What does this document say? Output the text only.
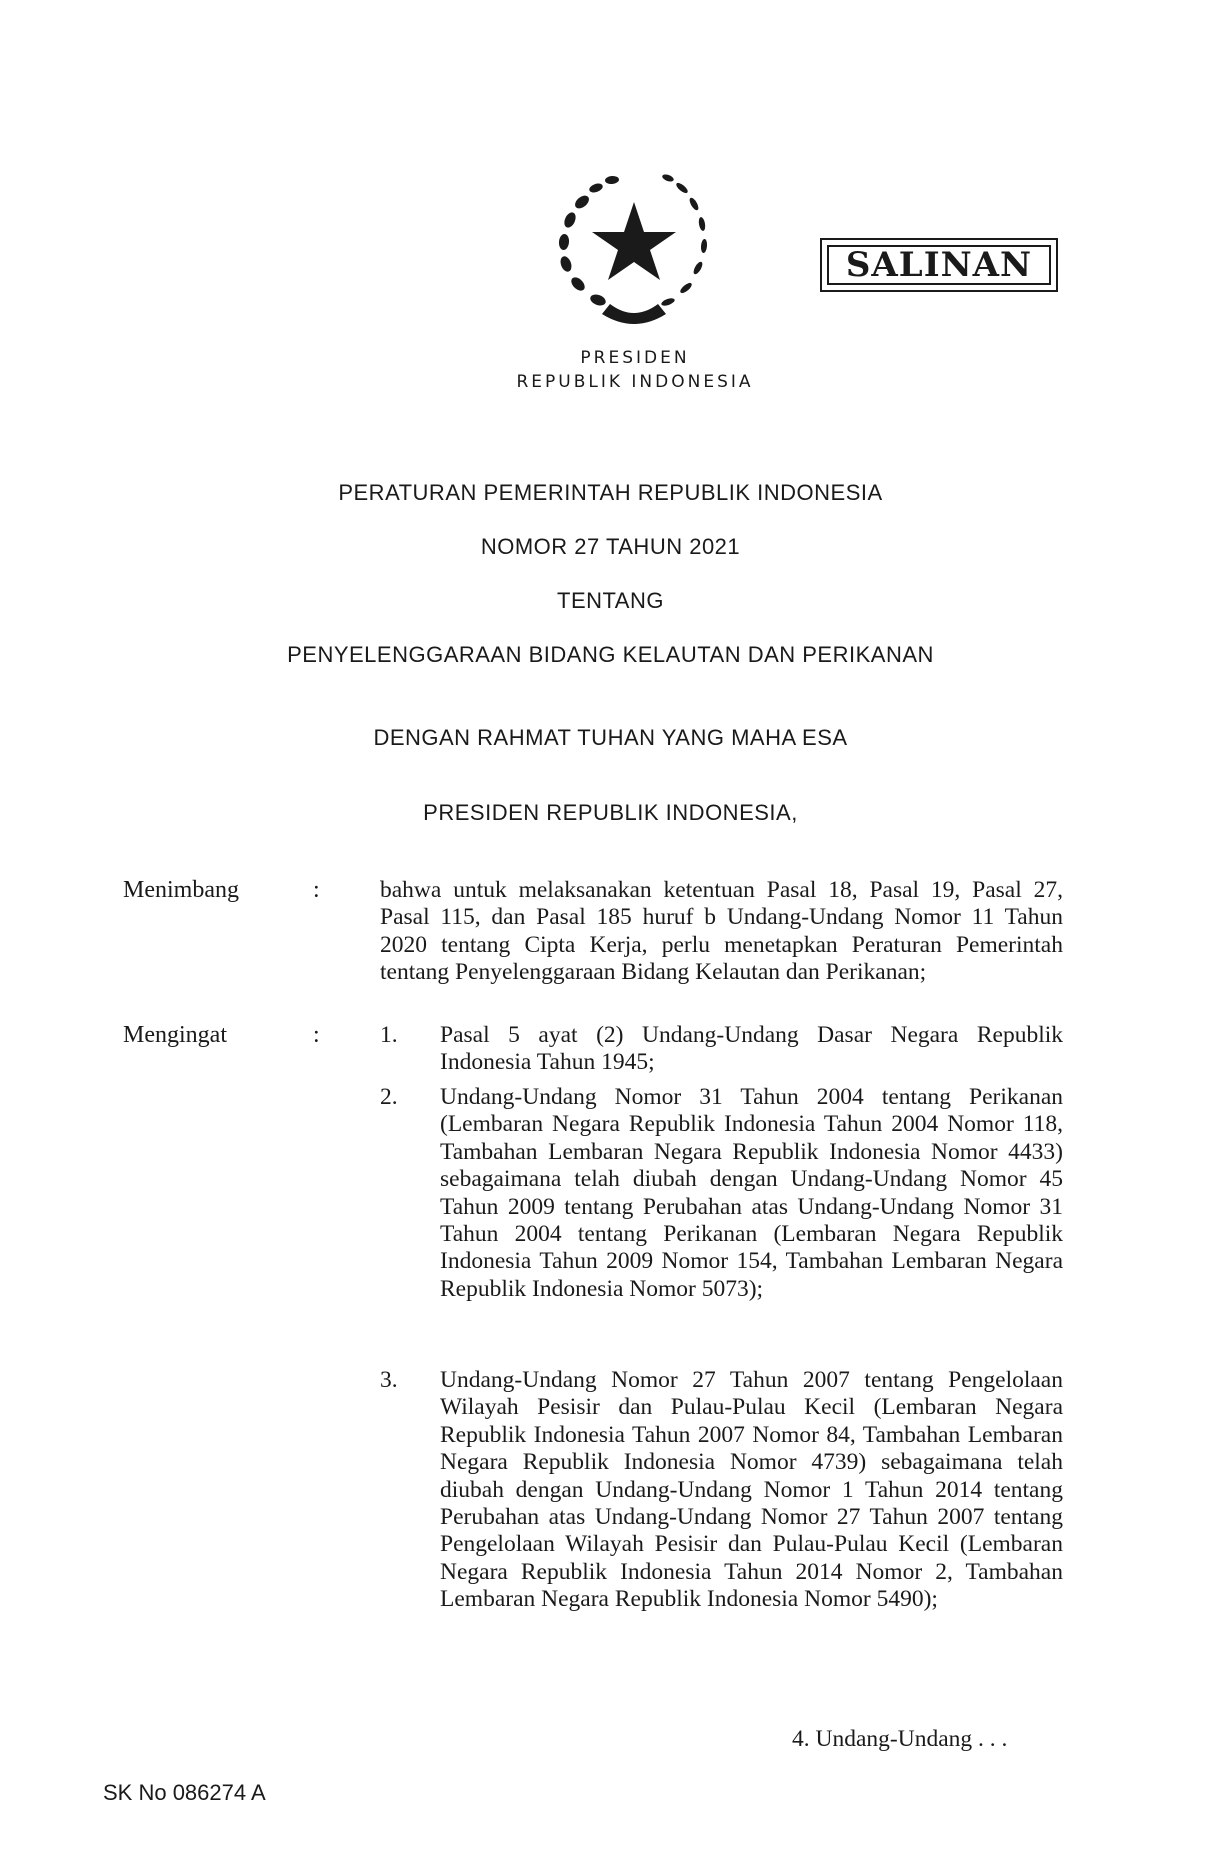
SALINAN
PRESIDEN
REPUBLIK INDONESIA
PERATURAN PEMERINTAH REPUBLIK INDONESIA
NOMOR 27 TAHUN 2021
TENTANG
PENYELENGGARAAN BIDANG KELAUTAN DAN PERIKANAN
DENGAN RAHMAT TUHAN YANG MAHA ESA
PRESIDEN REPUBLIK INDONESIA,
Menimbang	:	bahwa untuk melaksanakan ketentuan Pasal 18, Pasal 19, Pasal 27, Pasal 115, dan Pasal 185 huruf b Undang-Undang Nomor 11 Tahun 2020 tentang Cipta Kerja, perlu menetapkan Peraturan Pemerintah tentang Penyelenggaraan Bidang Kelautan dan Perikanan;
Mengingat	:	1. Pasal 5 ayat (2) Undang-Undang Dasar Negara Republik Indonesia Tahun 1945;
2. Undang-Undang Nomor 31 Tahun 2004 tentang Perikanan (Lembaran Negara Republik Indonesia Tahun 2004 Nomor 118, Tambahan Lembaran Negara Republik Indonesia Nomor 4433) sebagaimana telah diubah dengan Undang-Undang Nomor 45 Tahun 2009 tentang Perubahan atas Undang-Undang Nomor 31 Tahun 2004 tentang Perikanan (Lembaran Negara Republik Indonesia Tahun 2009 Nomor 154, Tambahan Lembaran Negara Republik Indonesia Nomor 5073);
3. Undang-Undang Nomor 27 Tahun 2007 tentang Pengelolaan Wilayah Pesisir dan Pulau-Pulau Kecil (Lembaran Negara Republik Indonesia Tahun 2007 Nomor 84, Tambahan Lembaran Negara Republik Indonesia Nomor 4739) sebagaimana telah diubah dengan Undang-Undang Nomor 1 Tahun 2014 tentang Perubahan atas Undang-Undang Nomor 27 Tahun 2007 tentang Pengelolaan Wilayah Pesisir dan Pulau-Pulau Kecil (Lembaran Negara Republik Indonesia Tahun 2014 Nomor 2, Tambahan Lembaran Negara Republik Indonesia Nomor 5490);
4. Undang-Undang . . .
SK No 086274 A
